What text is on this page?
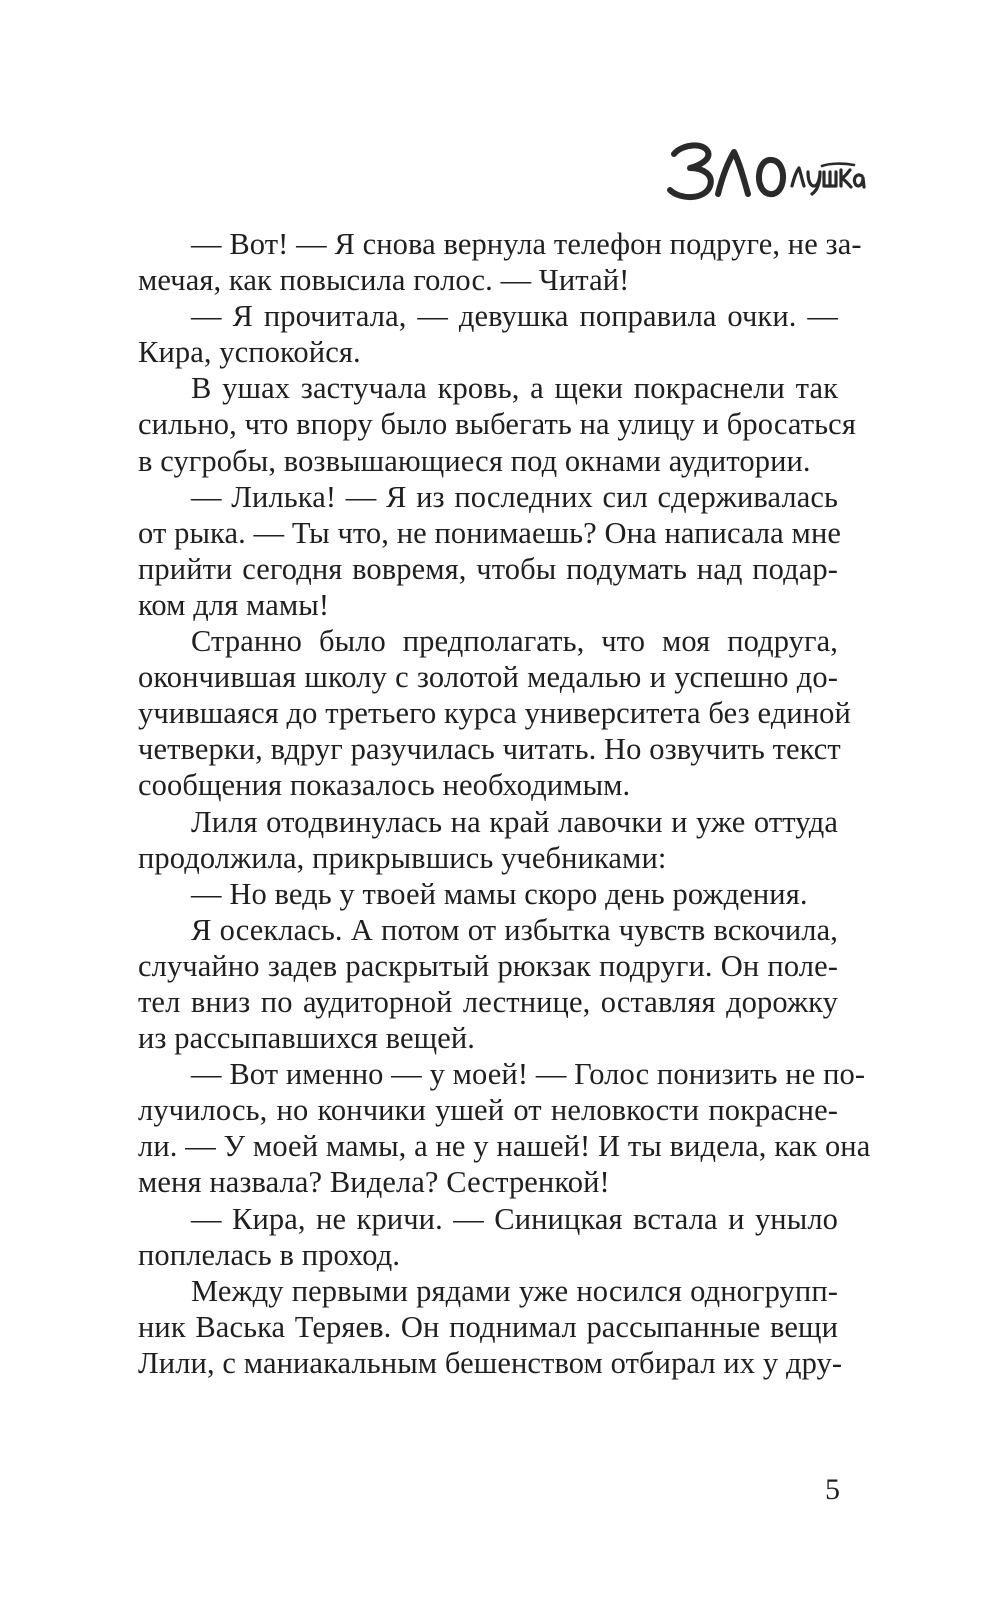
— Вот! — Я снова вернула телефон подруге, не за-
мечая, как повысила голос. — Читай!
— Я прочитала, — девушка поправила очки. —
Кира, успокойся.
В ушах застучала кровь, а щеки покраснели так
сильно, что впору было выбегать на улицу и бросаться
в сугробы, возвышающиеся под окнами аудитории.
— Лилька! — Я из последних сил сдерживалась
от рыка. — Ты что, не понимаешь? Она написала мне
прийти сегодня вовремя, чтобы подумать над подар-
ком для мамы!
Странно было предполагать, что моя подруга,
окончившая школу с золотой медалью и успешно до-
учившаяся до третьего курса университета без единой
четверки, вдруг разучилась читать. Но озвучить текст
сообщения показалось необходимым.
Лиля отодвинулась на край лавочки и уже оттуда
продолжила, прикрывшись учебниками:
— Но ведь у твоей мамы скоро день рождения.
Я осеклась. А потом от избытка чувств вскочила,
случайно задев раскрытый рюкзак подруги. Он поле-
тел вниз по аудиторной лестнице, оставляя дорожку
из рассыпавшихся вещей.
— Вот именно — у моей! — Голос понизить не по-
лучилось, но кончики ушей от неловкости покрасне-
ли. — У моей мамы, а не у нашей! И ты видела, как она
меня назвала? Видела? Сестренкой!
— Кира, не кричи. — Синицкая встала и уныло
поплелась в проход.
Между первыми рядами уже носился одногрупп-
ник Васька Теряев. Он поднимал рассыпанные вещи
Лили, с маниакальным бешенством отбирал их у дру-
5
